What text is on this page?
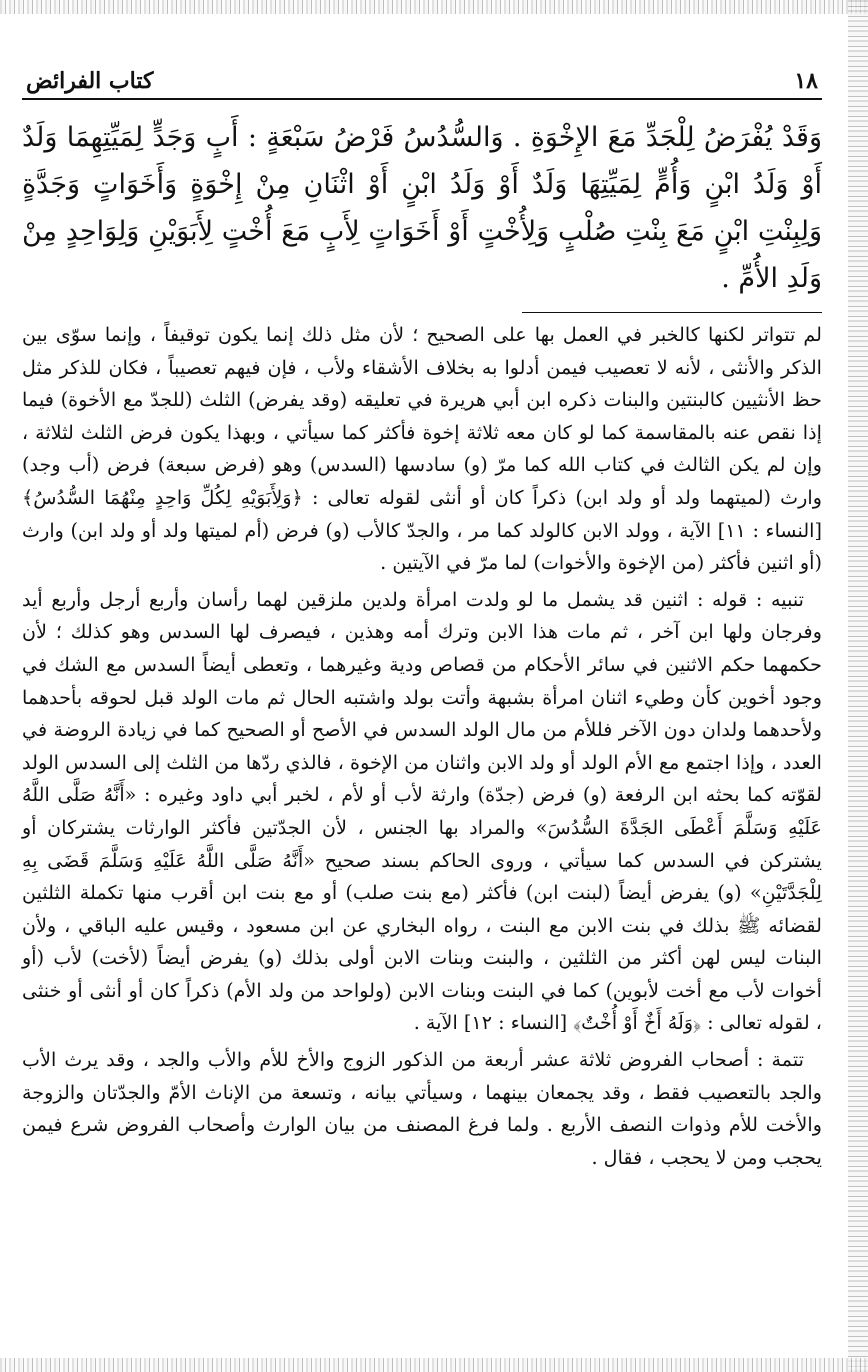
١٨
كتاب الفرائض
وَقَدْ يُفْرَضُ لِلْجَدِّ مَعَ الإِخْوَةِ . وَالسُّدُسُ فَرْضُ سَبْعَةٍ : أَبٍ وَجَدٍّ لِمَيِّتِهِمَا وَلَدٌ أَوْ وَلَدُ ابْنٍ وَأُمٍّ لِمَيِّتِهَا وَلَدٌ أَوْ وَلَدُ ابْنٍ أَوْ اثْنَانِ مِنْ إِخْوَةٍ وَأَخَوَاتٍ وَجَدَّةٍ وَلِبِنْتِ ابْنٍ مَعَ بِنْتِ صُلْبٍ وَلِأُخْتٍ أَوْ أَخَوَاتٍ لِأَبٍ مَعَ أُخْتٍ لِأَبَوَيْنِ وَلِوَاحِدٍ مِنْ وَلَدِ الأُمِّ .

لم تتواتر لكنها كالخبر في العمل بها على الصحيح ؛ لأن مثل ذلك إنما يكون توقيفاً ، وإنما سوّى بين الذكر والأنثى ، لأنه لا تعصيب فيمن أدلوا به بخلاف الأشقاء ولأب ، فإن فيهم تعصيباً ، فكان للذكر مثل حظ الأنثيين كالبنتين والبنات ذكره ابن أبي هريرة في تعليقه (وقد يفرض) الثلث (للجدّ مع الأخوة) فيما إذا نقص عنه بالمقاسمة كما لو كان معه ثلاثة إخوة فأكثر كما سيأتي ، وبهذا يكون فرض الثلث لثلاثة ، وإن لم يكن الثالث في كتاب الله كما مرّ (و) سادسها (السدس) وهو (فرض سبعة) فرض (أب وجد) وارث (لميتهما ولد أو ولد ابن) ذكراً كان أو أنثى لقوله تعالى : ﴿وَلِأَبَوَيْهِ لِكُلِّ وَاحِدٍ مِنْهُمَا السُّدُسُ﴾ [النساء : ١١] الآية ، وولد الابن كالولد كما مر ، والجدّ كالأب (و) فرض (أم لميتها ولد أو ولد ابن) وارث (أو اثنين فأكثر (من الإخوة والأخوات) لما مرّ في الآيتين .

تنبيه : قوله : اثنين قد يشمل ما لو ولدت امرأة ولدين ملزقين لهما رأسان وأربع أرجل وأربع أيد وفرجان ولها ابن آخر ، ثم مات هذا الابن وترك أمه وهذين ، فيصرف لها السدس وهو كذلك ؛ لأن حكمهما حكم الاثنين في سائر الأحكام من قصاص ودية وغيرهما ، وتعطى أيضاً السدس مع الشك في وجود أخوين كأن وطيء اثنان امرأة بشبهة وأتت بولد واشتبه الحال ثم مات الولد قبل لحوقه بأحدهما ولأحدهما ولدان دون الآخر فللأم من مال الولد السدس في الأصح أو الصحيح كما في زيادة الروضة في العدد ، وإذا اجتمع مع الأم الولد أو ولد الابن واثنان من الإخوة ، فالذي ردّها من الثلث إلى السدس الولد لقوّته كما بحثه ابن الرفعة (و) فرض (جدّة) وارثة لأب أو لأم ، لخبر أبي داود وغيره : «أَنَّهُ صَلَّى اللَّهُ عَلَيْهِ وَسَلَّمَ أَعْطَى الجَدَّةَ السُّدُسَ» والمراد بها الجنس ، لأن الجدّتين فأكثر الوارثات يشتركان أو يشتركن في السدس كما سيأتي ، وروى الحاكم بسند صحيح «أَنَّهُ صَلَّى اللَّهُ عَلَيْهِ وَسَلَّمَ قَضَى بِهِ لِلْجَدَّتَيْنِ» (و) يفرض أيضاً (لبنت ابن) فأكثر (مع بنت صلب) أو مع بنت ابن أقرب منها تكملة الثلثين لقضائه ﷺ بذلك في بنت الابن مع البنت ، رواه البخاري عن ابن مسعود ، وقيس عليه الباقي ، ولأن البنات ليس لهن أكثر من الثلثين ، والبنت وبنات الابن أولى بذلك (و) يفرض أيضاً (لأخت) لأب (أو أخوات لأب مع أخت لأبوين) كما في البنت وبنات الابن (ولواحد من ولد الأم) ذكراً كان أو أنثى أو خنثى ، لقوله تعالى : ﴿وَلَهُ أَخٌ أَوْ أُخْتٌ﴾ [النساء : ١٢] الآية .

تتمة : أصحاب الفروض ثلاثة عشر أربعة من الذكور الزوج والأخ للأم والأب والجد ، وقد يرث الأب والجد بالتعصيب فقط ، وقد يجمعان بينهما ، وسيأتي بيانه ، وتسعة من الإناث الأمّ والجدّتان والزوجة والأخت للأم وذوات النصف الأربع . ولما فرغ المصنف من بيان الوارث وأصحاب الفروض شرع فيمن يحجب ومن لا يحجب ، فقال .
